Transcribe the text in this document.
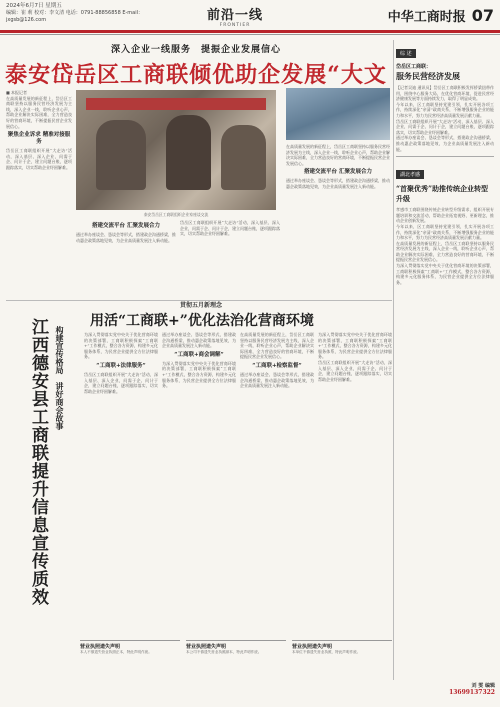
2024年6月7日 星期五
编辑：崔 莉 校对：李文清 电话：0791-88856858 E-mail：jxgsb@126.com	前沿一线
FRONTIER
中华工商时报 07
深入企业一线服务　提振企业发展信心
泰安岱岳区工商联倾优助企发展“大文
■ 本报记者
在高质量发展的新征程上，岱岳区工商联坚持以服务民营经济发展为主线，深入企业一线，聆听企业心声，帮助企业解决实际困难，全力营造良好的营商环境，不断提振民营企业发展信心。
聚焦企业诉求 精准对接服务
岱岳区工商联组织开展“大走访”活动，深入基层、深入企业，问需于企、问计于企，建立问题台账，逐项跟踪落实，切实帮助企业纾困解难。
泰安岱岳区工商联组织企业家座谈交流
搭建交流平台 汇聚发展合力
通过举办座谈会、恳谈会等形式，搭建政企沟通桥梁，推动惠企政策落地见效，为企业高质量发展注入新动能。
岱岳区工商联组织开展“大走访”活动，深入基层、深入企业，问需于企、问计于企，建立问题台账，逐项跟踪落实，切实帮助企业纾困解难。
在高质量发展的新征程上，岱岳区工商联坚持以服务民营经济发展为主线，深入企业一线，聆听企业心声，帮助企业解决实际困难，全力营造良好的营商环境，不断提振民营企业发展信心。
搭建交流平台 汇聚发展合力
通过举办座谈会、恳谈会等形式，搭建政企沟通桥梁，推动惠企政策落地见效，为企业高质量发展注入新动能。
江西德安县工商联提升信息宣传质效 构建宣传格局　讲好商会故事
贯彻五月新理念
用活“工商联+”优化法治化营商环境
为深入贯彻落实党中央关于优化营商环境的决策部署，工商联积极探索“工商联+”工作模式，整合各方资源，构建多元化服务体系，为民营企业提供全方位法律服务。
“工商联+法律服务”
岱岳区工商联组织开展“大走访”活动，深入基层、深入企业，问需于企、问计于企，建立问题台账，逐项跟踪落实，切实帮助企业纾困解难。
通过举办座谈会、恳谈会等形式，搭建政企沟通桥梁，推动惠企政策落地见效，为企业高质量发展注入新动能。
“工商联+商会调解”
为深入贯彻落实党中央关于优化营商环境的决策部署，工商联积极探索“工商联+”工作模式，整合各方资源，构建多元化服务体系，为民营企业提供全方位法律服务。
在高质量发展的新征程上，岱岳区工商联坚持以服务民营经济发展为主线，深入企业一线，聆听企业心声，帮助企业解决实际困难，全力营造良好的营商环境，不断提振民营企业发展信心。
“工商联+检察监督”
通过举办座谈会、恳谈会等形式，搭建政企沟通桥梁，推动惠企政策落地见效，为企业高质量发展注入新动能。
为深入贯彻落实党中央关于优化营商环境的决策部署，工商联积极探索“工商联+”工作模式，整合各方资源，构建多元化服务体系，为民营企业提供全方位法律服务。
岱岳区工商联组织开展“大走访”活动，深入基层、深入企业，问需于企、问计于企，建立问题台账，逐项跟踪落实，切实帮助企业纾困解难。
营业执照遗失声明
本人不慎遗失营业执照正本，特此声明作废。
营业执照遗失声明
本公司不慎遗失营业执照副本，特此声明作废。
营业执照遗失声明
本单位不慎遗失营业执照，特此声明作废。
综 述
岱岳区工商联：
服务民营经济发展
【记者吴迪 通讯员】岱岳区工商联积极发挥桥梁纽带作用，围绕中心服务大局，在优化营商环境、促进民营经济健康发展等方面持续发力，取得了明显成效。
今年以来，区工商联坚持党建引领，扎实开展各项工作，持续深化“亲清”政商关系，不断增强服务企业的能力和水平，努力为民营经济高质量发展贡献力量。
岱岳区工商联组织开展“大走访”活动，深入基层、深入企业，问需于企、问计于企，建立问题台账，逐项跟踪落实，切实帮助企业纾困解难。
通过举办座谈会、恳谈会等形式，搭建政企沟通桥梁，推动惠企政策落地见效，为企业高质量发展注入新动能。
湖北孝感
“首聚优秀”助推传统企业转型升级
孝感市工商联围绕传统企业转型升级需求，组织开展专题培训和交流活动，帮助企业拓宽视野、更新理念，推动企业创新发展。
今年以来，区工商联坚持党建引领，扎实开展各项工作，持续深化“亲清”政商关系，不断增强服务企业的能力和水平，努力为民营经济高质量发展贡献力量。
在高质量发展的新征程上，岱岳区工商联坚持以服务民营经济发展为主线，深入企业一线，聆听企业心声，帮助企业解决实际困难，全力营造良好的营商环境，不断提振民营企业发展信心。
为深入贯彻落实党中央关于优化营商环境的决策部署，工商联积极探索“工商联+”工作模式，整合各方资源，构建多元化服务体系，为民营企业提供全方位法律服务。
刘 雯 编辑
13699137322
